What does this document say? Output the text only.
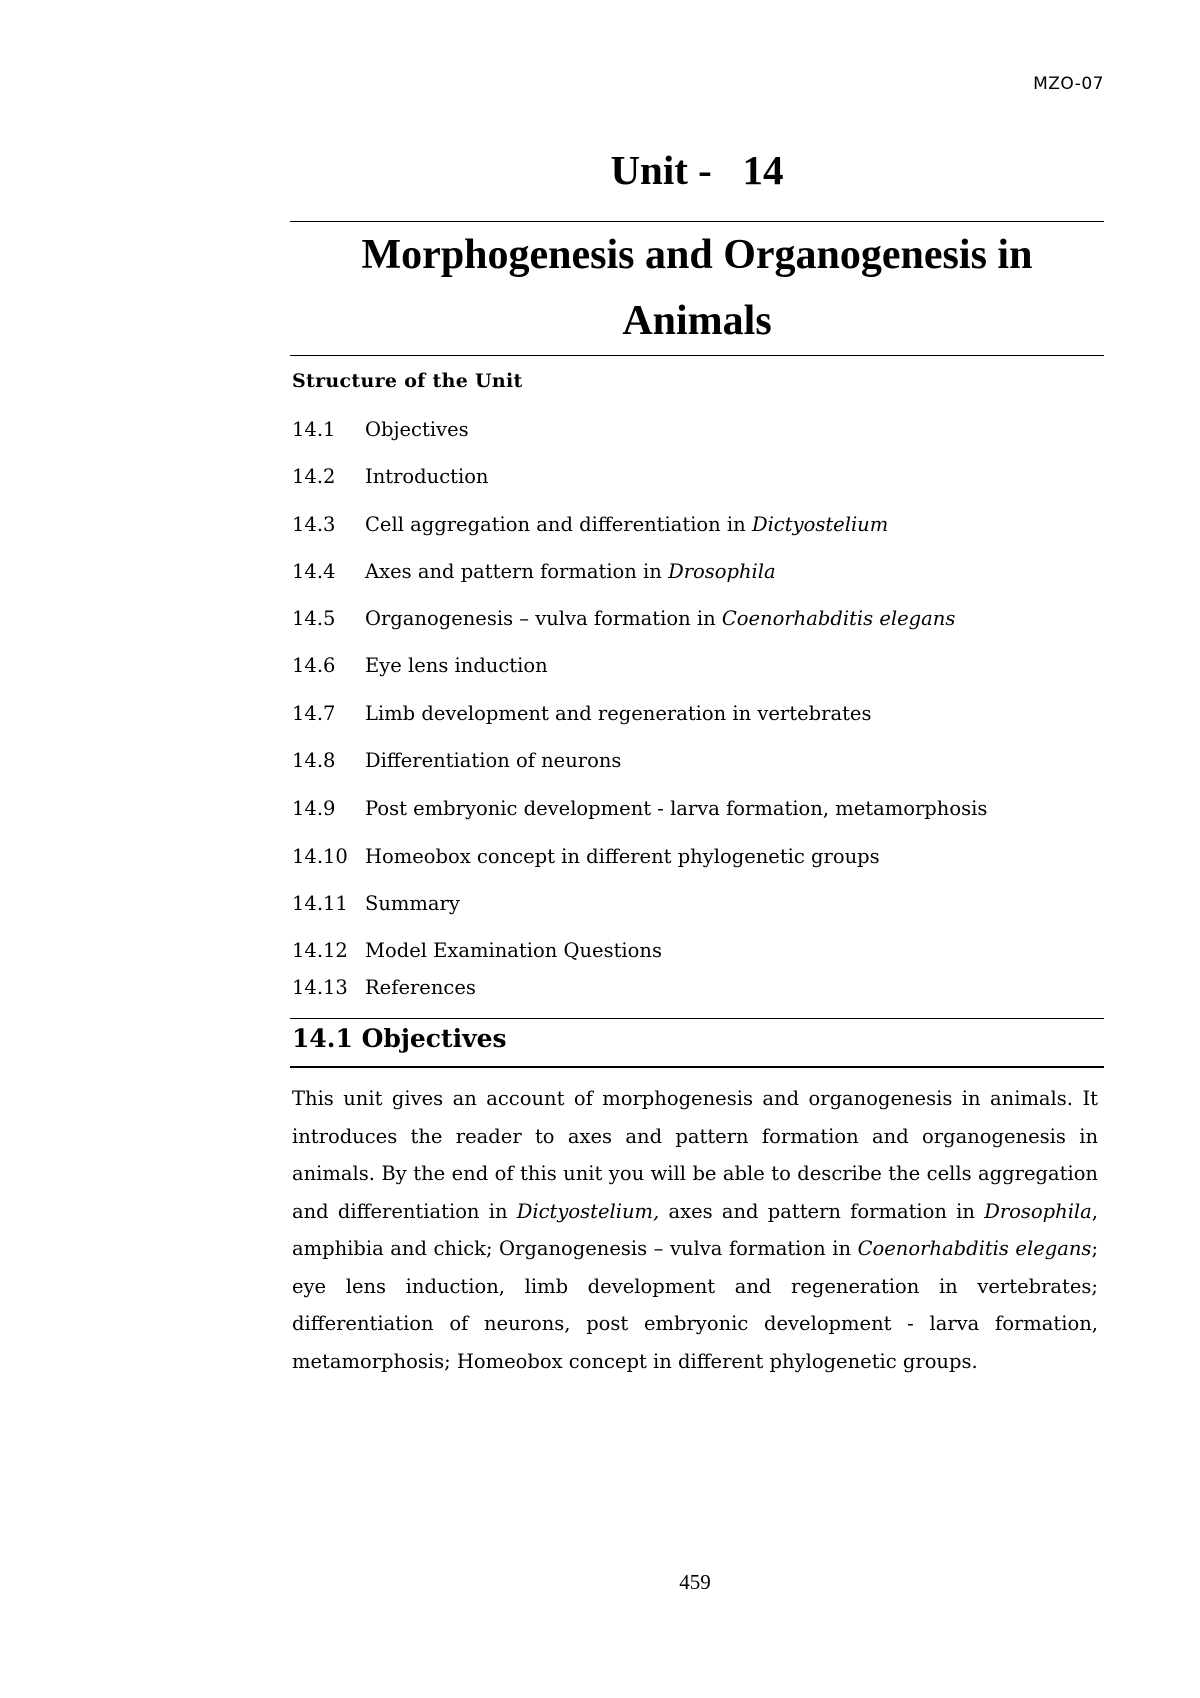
MZO-07
Unit -   14
Morphogenesis and Organogenesis in
Animals
Structure of the Unit
14.1 Objectives
14.2 Introduction
14.3 Cell aggregation and differentiation in Dictyostelium
14.4 Axes and pattern formation in Drosophila
14.5 Organogenesis – vulva formation in Coenorhabditis elegans
14.6 Eye lens induction
14.7 Limb development and regeneration in vertebrates
14.8 Differentiation of neurons
14.9 Post embryonic development - larva formation, metamorphosis
14.10 Homeobox concept in different phylogenetic groups
14.11 Summary
14.12 Model Examination Questions
14.13 References
14.1 Objectives

This unit gives an account of morphogenesis and organogenesis in animals. It introduces the reader to axes and pattern formation and organogenesis in animals. By the end of this unit you will be able to describe the cells aggregation and differentiation in Dictyostelium, axes and pattern formation in Drosophila, amphibia and chick; Organogenesis – vulva formation in Coenorhabditis elegans; eye lens induction, limb development and regeneration in vertebrates; differentiation of neurons, post embryonic development - larva formation, metamorphosis; Homeobox concept in different phylogenetic groups.

459
